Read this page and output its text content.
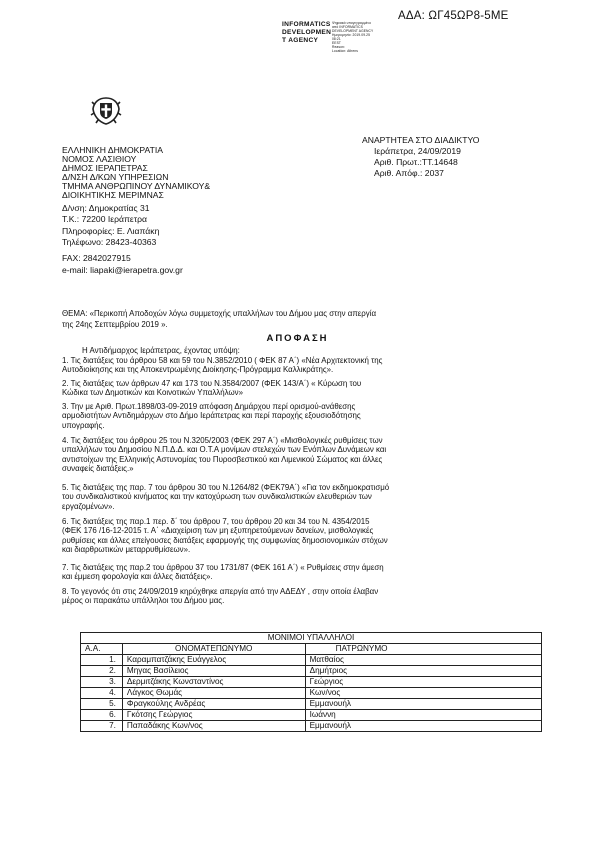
ΑΔΑ: ΩΓ45ΩΡ8-5ΜΕ
INFORMATICS
DEVELOPMEN
T AGENCY
Ψηφιακά υπογεγραμμένο
από INFORMATICS
DEVELOPMENT AGENCY
Ημερομηνία: 2019.09.25
08:21
EEST
Reason:
Location: Athens
ΕΛΛΗΝΙΚΗ ΔΗΜΟΚΡΑΤΙΑ
ΝΟΜΟΣ ΛΑΣΙΘΙΟΥ
ΔΗΜΟΣ ΙΕΡΑΠΕΤΡΑΣ
Δ/ΝΣΗ Δ/ΚΩΝ ΥΠΗΡΕΣΙΩΝ
ΤΜΗΜΑ ΑΝΘΡΩΠΙΝΟΥ ΔΥΝΑΜΙΚΟΥ&
ΔΙΟΙΚΗΤΙΚΗΣ ΜΕΡΙΜΝΑΣ
Δ/νση: Δημοκρατίας 31
Τ.Κ.: 72200 Ιεράπετρα
Πληροφορίες: Ε. Λιαπάκη
Τηλέφωνο: 28423-40363
FAX: 2842027915
e-mail: liapaki@ierapetra.gov.gr
ΑΝΑΡΤΗΤΕΑ ΣΤΟ ΔΙΑΔΙΚΤΥΟ
Ιεράπετρα, 24/09/2019
Αριθ. Πρωτ.:ΤΤ.14648
Αριθ. Απόφ.: 2037
ΘΕΜΑ: «Περικοπή Αποδοχών λόγω συμμετοχής υπαλλήλων του Δήμου μας στην απεργία
της 24ης Σεπτεμβρίου 2019 ».
ΑΠΟΦΑΣΗ
Η Αντιδήμαρχος Ιεράπετρας, έχοντας υπόψη:
1. Τις διατάξεις του άρθρου 58 και 59 του Ν.3852/2010 ( ΦΕΚ 87 Α΄) «Νέα Αρχιτεκτονική της
Αυτοδιοίκησης και της Αποκεντρωμένης Διοίκησης-Πρόγραμμα Καλλικράτης».
2. Τις διατάξεις των άρθρων 47 και 173 του Ν.3584/2007 (ΦΕΚ 143/Α΄) « Κύρωση του
Κώδικα των Δημοτικών και Κοινοτικών Υπαλλήλων»
3. Την με Αριθ. Πρωτ.1898/03-09-2019 απόφαση Δημάρχου περί ορισμού-ανάθεσης
αρμοδιοτήτων Αντιδημάρχων στο Δήμο Ιεράπετρας και περί παροχής εξουσιοδότησης
υπογραφής.
4. Τις διατάξεις του άρθρου 25 του Ν.3205/2003 (ΦΕΚ 297 Α΄) «Μισθολογικές ρυθμίσεις των
υπαλλήλων του Δημοσίου Ν.Π.Δ.Δ. και Ο.Τ.Α μονίμων στελεχών των Ενόπλων Δυνάμεων και
αντιστοίχων της Ελληνικής Αστυνομίας του Πυροσβεστικού και Λιμενικού Σώματος και άλλες
συναφείς διατάξεις.»
5. Τις διατάξεις της παρ. 7 του άρθρου 30 του Ν.1264/82 (ΦΕΚ79Α΄) «Για τον εκδημοκρατισμό
του συνδικαλιστικού κινήματος και την κατοχύρωση των συνδικαλιστικών ελευθεριών των
εργαζομένων».
6. Τις διατάξεις της παρ.1 περ. δ΄ του άρθρου 7, του άρθρου 20 και 34 του Ν. 4354/2015
(ΦΕΚ 176 /16-12-2015 τ. Α΄ «Διαχείριση των μη εξυπηρετούμενων δανείων, μισθολογικές
ρυθμίσεις και άλλες επείγουσες διατάξεις εφαρμογής της συμφωνίας δημοσιονομικών στόχων
και διαρθρωτικών μεταρρυθμίσεων».
7. Τις διατάξεις της παρ.2 του άρθρου 37 του 1731/87 (ΦΕΚ 161 Α΄) « Ρυθμίσεις στην άμεση
και έμμεση φορολογία και άλλες διατάξεις».
8. Το γεγονός ότι στις 24/09/2019 κηρύχθηκε απεργία από την ΑΔΕΔΥ , στην οποία έλαβαν
μέρος οι παρακάτω υπάλληλοι του Δήμου μας.
ΜΟΝΙΜΟΙ ΥΠΑΛΛΗΛΟΙ		
Α.Α.	ΟΝΟΜΑΤΕΠΩΝΥΜΟ	ΠΑΤΡΩΝΥΜΟ
1.	Καραμπατζάκης Ευάγγελος	Ματθαίος
2.	Μηγας Βασίλειος	Δημήτριος
3.	Δερμιτζάκης Κωνσταντίνος	Γεώργιος
4.	Λάγκος Θωμάς	Κων/νος
5.	Φραγκούλης Ανδρέας	Εμμανουήλ
6.	Γκότσης Γεώργιος	Ιωάννη
7.	Παπαδάκης Κων/νος	Εμμανουήλ
